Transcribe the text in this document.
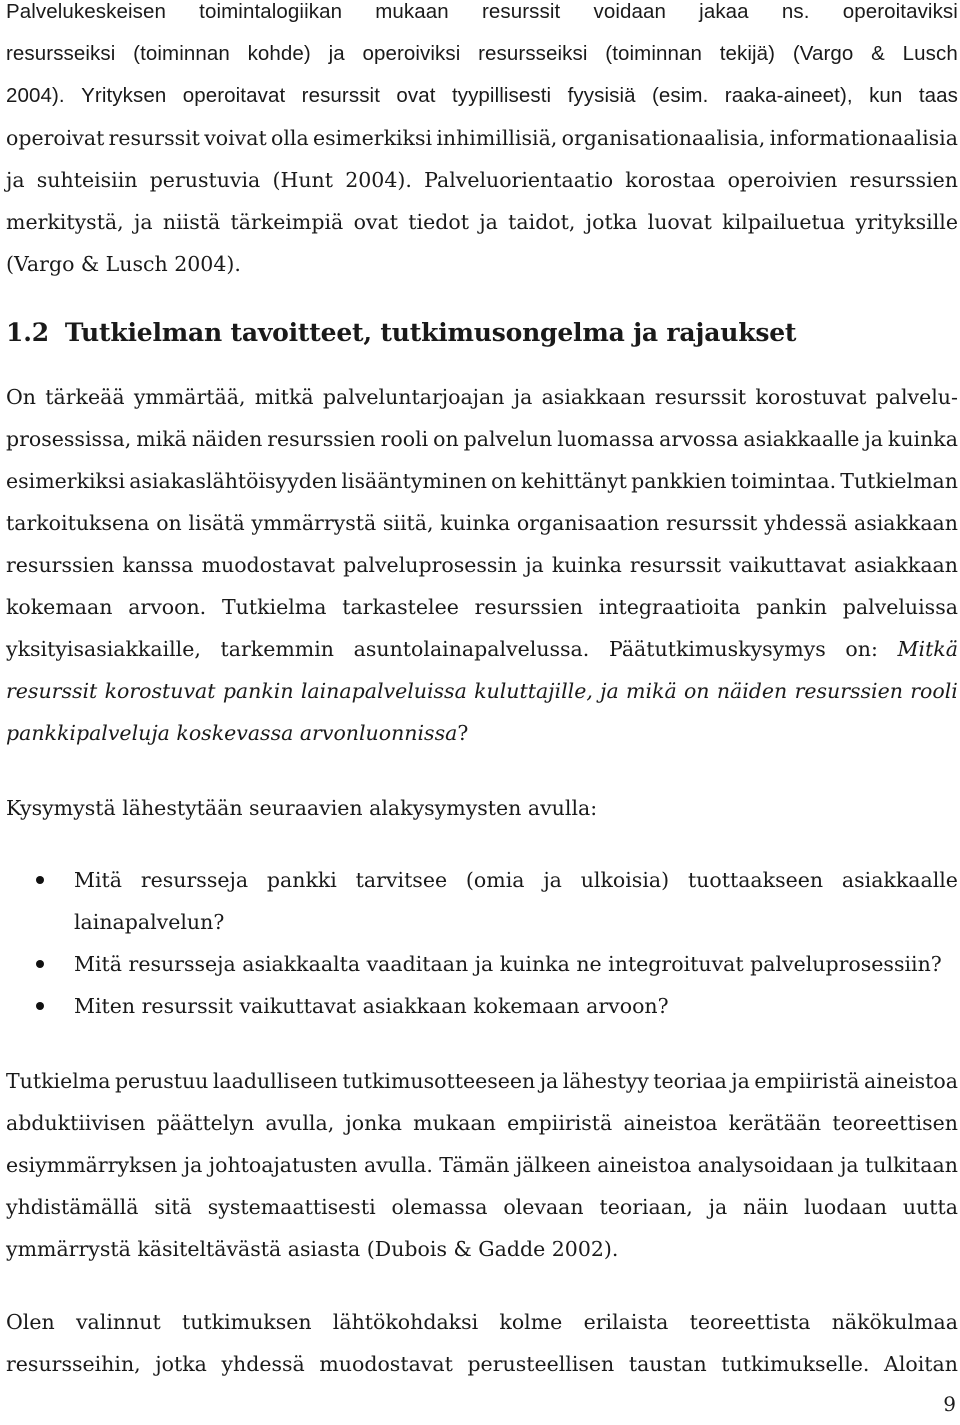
Palvelukeskeisen toimintalogiikan mukaan resurssit voidaan jakaa ns. operoitaviksi
resursseiksi (toiminnan kohde) ja operoiviksi resursseiksi (toiminnan tekijä) (Vargo & Lusch
2004). Yrityksen operoitavat resurssit ovat tyypillisesti fyysisiä (esim. raaka-aineet), kun taas
operoivat resurssit voivat olla esimerkiksi inhimillisiä, organisationaalisia, informationaalisia
ja suhteisiin perustuvia (Hunt 2004). Palveluorientaatio korostaa operoivien resurssien
merkitystä, ja niistä tärkeimpiä ovat tiedot ja taidot, jotka luovat kilpailuetua yrityksille
(Vargo & Lusch 2004).
1.2 Tutkielman tavoitteet, tutkimusongelma ja rajaukset
On tärkeää ymmärtää, mitkä palveluntarjoajan ja asiakkaan resurssit korostuvat palvelu-
prosessissa, mikä näiden resurssien rooli on palvelun luomassa arvossa asiakkaalle ja kuinka
esimerkiksi asiakaslähtöisyyden lisääntyminen on kehittänyt pankkien toimintaa. Tutkielman
tarkoituksena on lisätä ymmärrystä siitä, kuinka organisaation resurssit yhdessä asiakkaan
resurssien kanssa muodostavat palveluprosessin ja kuinka resurssit vaikuttavat asiakkaan
kokemaan arvoon. Tutkielma tarkastelee resurssien integraatioita pankin palveluissa
yksityisasiakkaille, tarkemmin asuntolainapalvelussa. Päätutkimuskysymys on: Mitkä
resurssit korostuvat pankin lainapalveluissa kuluttajille, ja mikä on näiden resurssien rooli
pankkipalveluja koskevassa arvonluonnissa?
Kysymystä lähestytään seuraavien alakysymysten avulla:
Mitä resursseja pankki tarvitsee (omia ja ulkoisia) tuottaakseen asiakkaalle
lainapalvelun?
Mitä resursseja asiakkaalta vaaditaan ja kuinka ne integroituvat palveluprosessiin?
Miten resurssit vaikuttavat asiakkaan kokemaan arvoon?
Tutkielma perustuu laadulliseen tutkimusotteeseen ja lähestyy teoriaa ja empiiristä aineistoa
abduktiivisen päättelyn avulla, jonka mukaan empiiristä aineistoa kerätään teoreettisen
esiymmärryksen ja johtoajatusten avulla. Tämän jälkeen aineistoa analysoidaan ja tulkitaan
yhdistämällä sitä systemaattisesti olemassa olevaan teoriaan, ja näin luodaan uutta
ymmärrystä käsiteltävästä asiasta (Dubois & Gadde 2002).
Olen valinnut tutkimuksen lähtökohdaksi kolme erilaista teoreettista näkökulmaa
resursseihin, jotka yhdessä muodostavat perusteellisen taustan tutkimukselle. Aloitan
9
